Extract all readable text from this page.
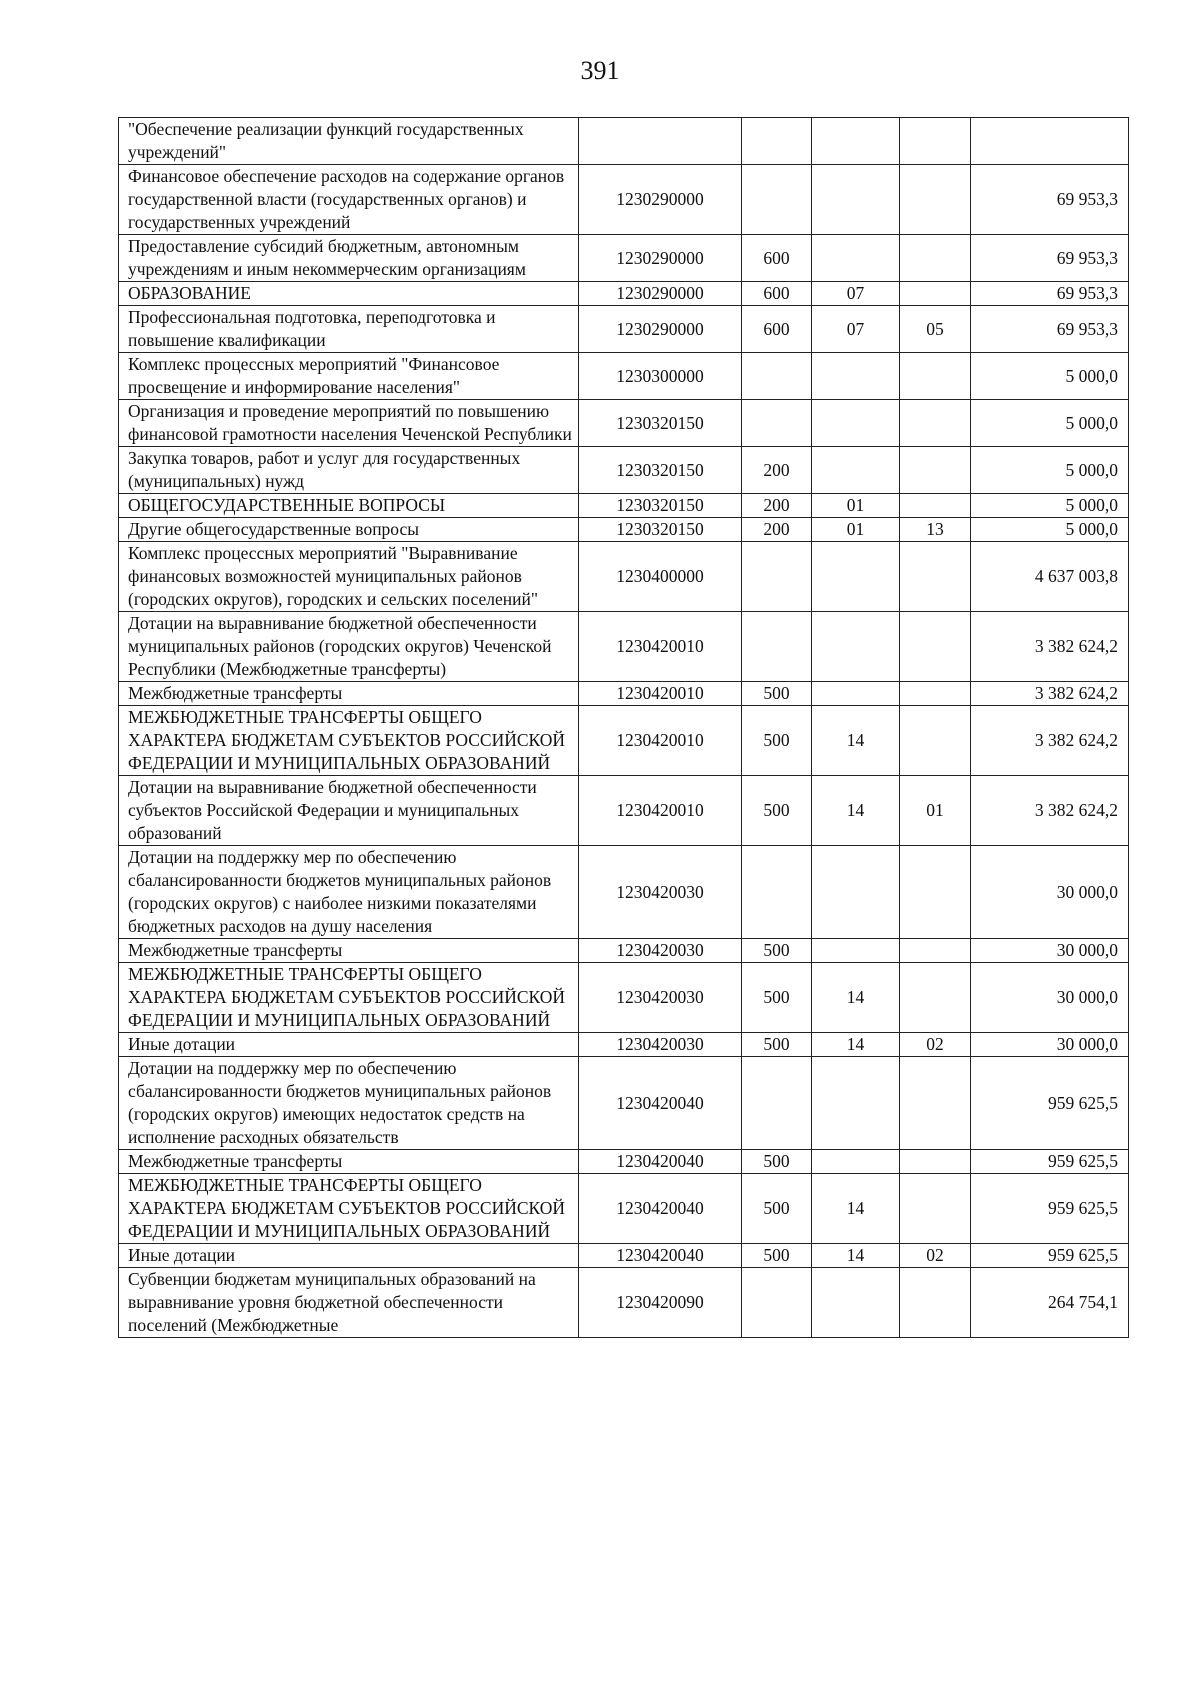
391
"Обеспечение реализации функций государственных учреждений"					
Финансовое обеспечение расходов на содержание органов государственной власти (государственных органов) и государственных учреждений	1230290000				69 953,3
Предоставление субсидий бюджетным, автономным учреждениям и иным некоммерческим организациям	1230290000	600			69 953,3
ОБРАЗОВАНИЕ	1230290000	600	07		69 953,3
Профессиональная подготовка, переподготовка и повышение квалификации	1230290000	600	07	05	69 953,3
Комплекс процессных мероприятий "Финансовое просвещение и информирование населения"	1230300000				5 000,0
Организация и проведение мероприятий по повышению финансовой грамотности населения Чеченской Республики	1230320150				5 000,0
Закупка товаров, работ и услуг для государственных (муниципальных) нужд	1230320150	200			5 000,0
ОБЩЕГОСУДАРСТВЕННЫЕ ВОПРОСЫ	1230320150	200	01		5 000,0
Другие общегосударственные вопросы	1230320150	200	01	13	5 000,0
Комплекс процессных мероприятий "Выравнивание финансовых возможностей муниципальных районов (городских округов), городских и сельских поселений"	1230400000				4 637 003,8
Дотации на выравнивание бюджетной обеспеченности муниципальных районов (городских округов) Чеченской Республики (Межбюджетные трансферты)	1230420010				3 382 624,2
Межбюджетные трансферты	1230420010	500			3 382 624,2
МЕЖБЮДЖЕТНЫЕ ТРАНСФЕРТЫ ОБЩЕГО ХАРАКТЕРА БЮДЖЕТАМ СУБЪЕКТОВ РОССИЙСКОЙ ФЕДЕРАЦИИ И МУНИЦИПАЛЬНЫХ ОБРАЗОВАНИЙ	1230420010	500	14		3 382 624,2
Дотации на выравнивание бюджетной обеспеченности субъектов Российской Федерации и муниципальных образований	1230420010	500	14	01	3 382 624,2
Дотации на поддержку мер по обеспечению сбалансированности бюджетов муниципальных районов (городских округов) с наиболее низкими показателями бюджетных расходов на душу населения	1230420030				30 000,0
Межбюджетные трансферты	1230420030	500			30 000,0
МЕЖБЮДЖЕТНЫЕ ТРАНСФЕРТЫ ОБЩЕГО ХАРАКТЕРА БЮДЖЕТАМ СУБЪЕКТОВ РОССИЙСКОЙ ФЕДЕРАЦИИ И МУНИЦИПАЛЬНЫХ ОБРАЗОВАНИЙ	1230420030	500	14		30 000,0
Иные дотации	1230420030	500	14	02	30 000,0
Дотации на поддержку мер по обеспечению сбалансированности бюджетов муниципальных районов (городских округов) имеющих недостаток средств на исполнение расходных обязательств	1230420040				959 625,5
Межбюджетные трансферты	1230420040	500			959 625,5
МЕЖБЮДЖЕТНЫЕ ТРАНСФЕРТЫ ОБЩЕГО ХАРАКТЕРА БЮДЖЕТАМ СУБЪЕКТОВ РОССИЙСКОЙ ФЕДЕРАЦИИ И МУНИЦИПАЛЬНЫХ ОБРАЗОВАНИЙ	1230420040	500	14		959 625,5
Иные дотации	1230420040	500	14	02	959 625,5
Субвенции бюджетам муниципальных образований на выравнивание уровня бюджетной обеспеченности поселений (Межбюджетные	1230420090				264 754,1
